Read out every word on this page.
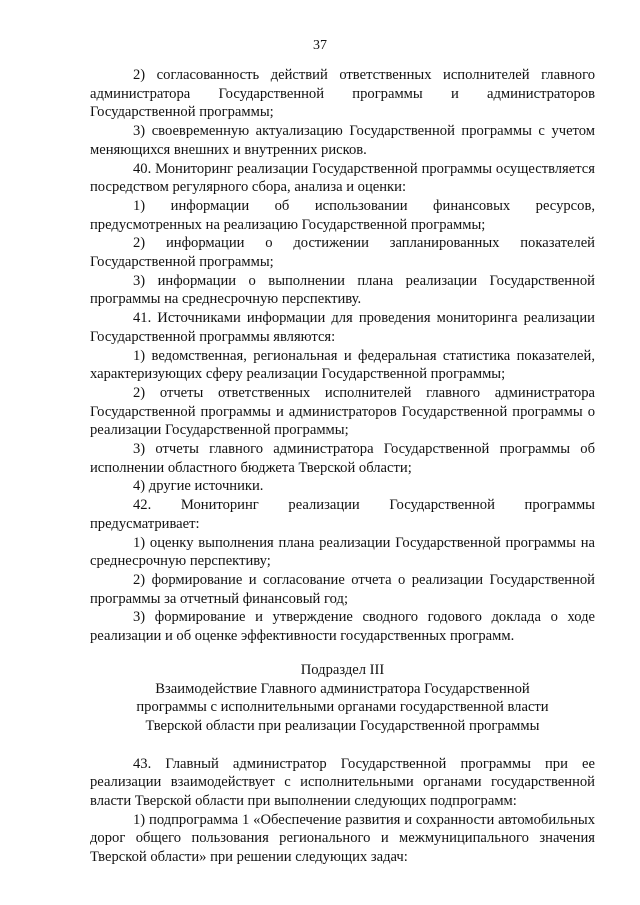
37

2) согласованность действий ответственных исполнителей главного администратора Государственной программы и администраторов Государственной программы;

3) своевременную актуализацию Государственной программы с учетом меняющихся внешних и внутренних рисков.

40. Мониторинг реализации Государственной программы осуществляется посредством регулярного сбора, анализа и оценки:

1) информации об использовании финансовых ресурсов, предусмотренных на реализацию Государственной программы;

2) информации о достижении запланированных показателей Государственной программы;

3) информации о выполнении плана реализации Государственной программы на среднесрочную перспективу.

41. Источниками информации для проведения мониторинга реализации Государственной программы являются:

1) ведомственная, региональная и федеральная статистика показателей, характеризующих сферу реализации Государственной программы;

2) отчеты ответственных исполнителей главного администратора Государственной программы и администраторов Государственной программы о реализации Государственной программы;

3) отчеты главного администратора Государственной программы об исполнении областного бюджета Тверской области;

4) другие источники.

42. Мониторинг реализации Государственной программы предусматривает:

1) оценку выполнения плана реализации Государственной программы на среднесрочную перспективу;

2) формирование и согласование отчета о реализации Государственной программы за отчетный финансовый год;

3) формирование и утверждение сводного годового доклада о ходе реализации и об оценке эффективности государственных программ.

Подраздел III

Взаимодействие Главного администратора Государственной

программы с исполнительными органами государственной власти

Тверской области при реализации Государственной программы

43. Главный администратор Государственной программы при ее реализации взаимодействует с исполнительными органами государственной власти Тверской области при выполнении следующих подпрограмм:

1) подпрограмма 1 «Обеспечение развития и сохранности автомобильных дорог общего пользования регионального и межмуниципального значения Тверской области» при решении следующих задач:
